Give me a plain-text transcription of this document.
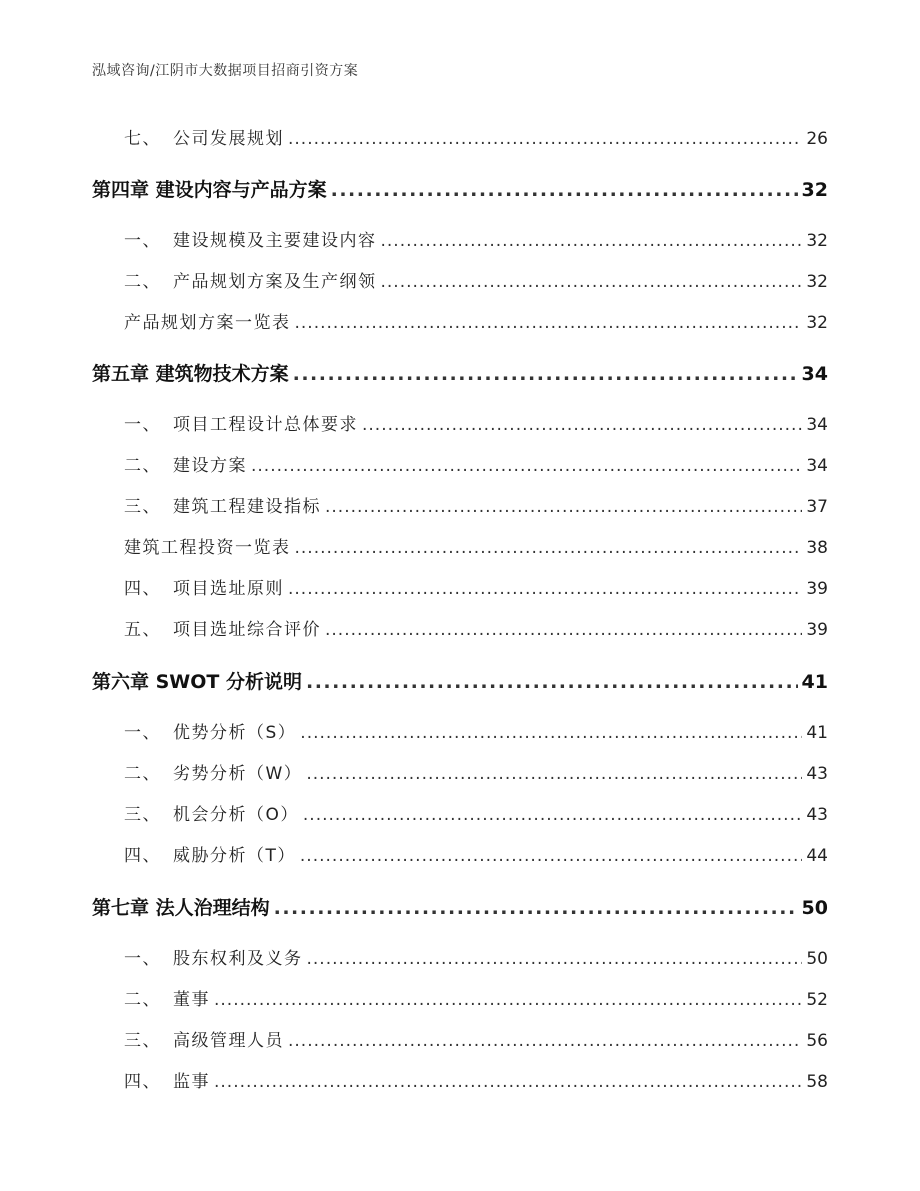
泓域咨询/江阴市大数据项目招商引资方案
七、 公司发展规划 .....	26
第四章 建设内容与产品方案 .....	32
一、 建设规模及主要建设内容 .....	32
二、 产品规划方案及生产纲领 .....	32
产品规划方案一览表 .....	32
第五章 建筑物技术方案 .....	34
一、 项目工程设计总体要求 .....	34
二、 建设方案 .....	34
三、 建筑工程建设指标 .....	37
建筑工程投资一览表 .....	38
四、 项目选址原则 .....	39
五、 项目选址综合评价 .....	39
第六章 SWOT 分析说明 .....	41
一、 优势分析（S） .....	41
二、 劣势分析（W） .....	43
三、 机会分析（O） .....	43
四、 威胁分析（T） .....	44
第七章 法人治理结构 .....	50
一、 股东权利及义务 .....	50
二、 董事 .....	52
三、 高级管理人员 .....	56
四、 监事 .....	58
